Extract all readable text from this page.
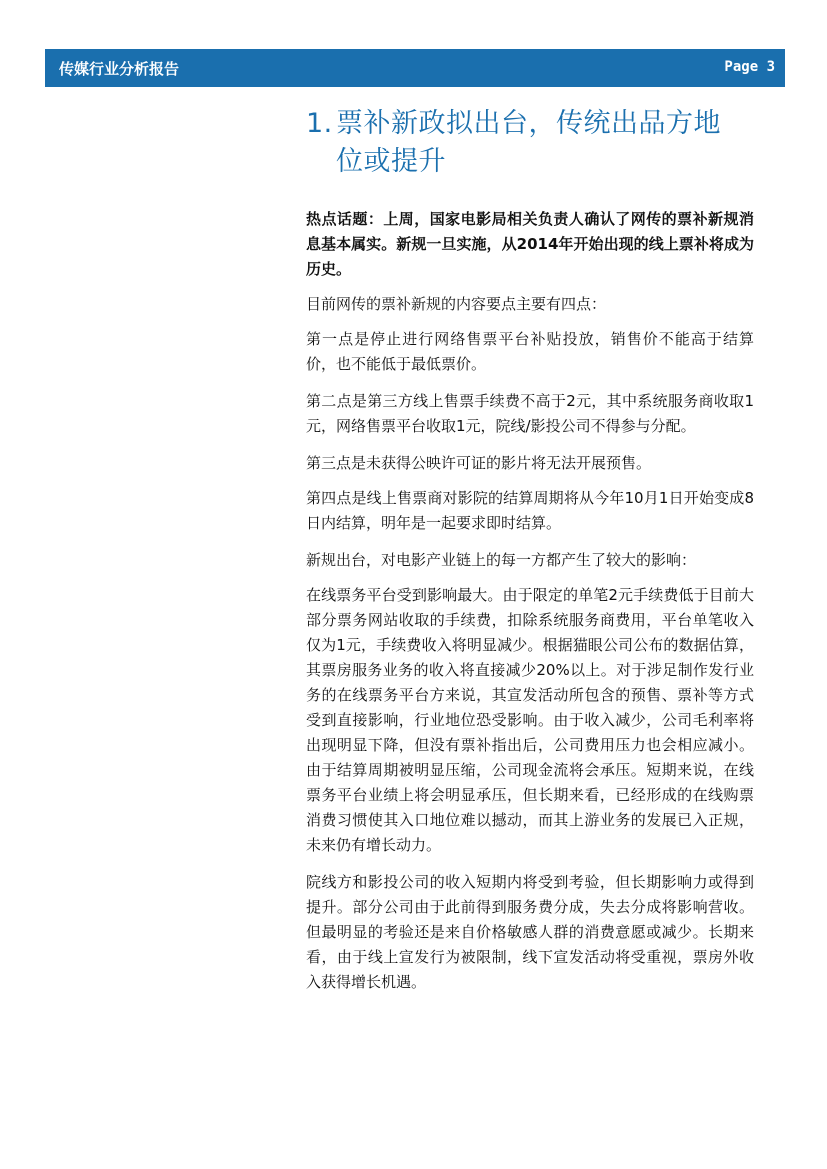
传媒行业分析报告	Page 3
1. 票补新政拟出台，传统出品方地
位或提升

热点话题：上周，国家电影局相关负责人确认了网传的票补新规消息基本属实。新规一旦实施，从2014年开始出现的线上票补将成为历史。

目前网传的票补新规的内容要点主要有四点：

第一点是停止进行网络售票平台补贴投放，销售价不能高于结算价，也不能低于最低票价。

第二点是第三方线上售票手续费不高于2元，其中系统服务商收取1元，网络售票平台收取1元，院线/影投公司不得参与分配。

第三点是未获得公映许可证的影片将无法开展预售。

第四点是线上售票商对影院的结算周期将从今年10月1日开始变成8日内结算，明年是一起要求即时结算。

新规出台，对电影产业链上的每一方都产生了较大的影响：

在线票务平台受到影响最大。由于限定的单笔2元手续费低于目前大部分票务网站收取的手续费，扣除系统服务商费用，平台单笔收入仅为1元，手续费收入将明显减少。根据猫眼公司公布的数据估算，其票房服务业务的收入将直接减少20%以上。对于涉足制作发行业务的在线票务平台方来说，其宣发活动所包含的预售、票补等方式受到直接影响，行业地位恐受影响。由于收入减少，公司毛利率将出现明显下降，但没有票补指出后，公司费用压力也会相应减小。由于结算周期被明显压缩，公司现金流将会承压。短期来说，在线票务平台业绩上将会明显承压，但长期来看，已经形成的在线购票消费习惯使其入口地位难以撼动，而其上游业务的发展已入正规，未来仍有增长动力。

院线方和影投公司的收入短期内将受到考验，但长期影响力或得到提升。部分公司由于此前得到服务费分成，失去分成将影响营收。但最明显的考验还是来自价格敏感人群的消费意愿或减少。长期来看，由于线上宣发行为被限制，线下宣发活动将受重视，票房外收入获得增长机遇。
